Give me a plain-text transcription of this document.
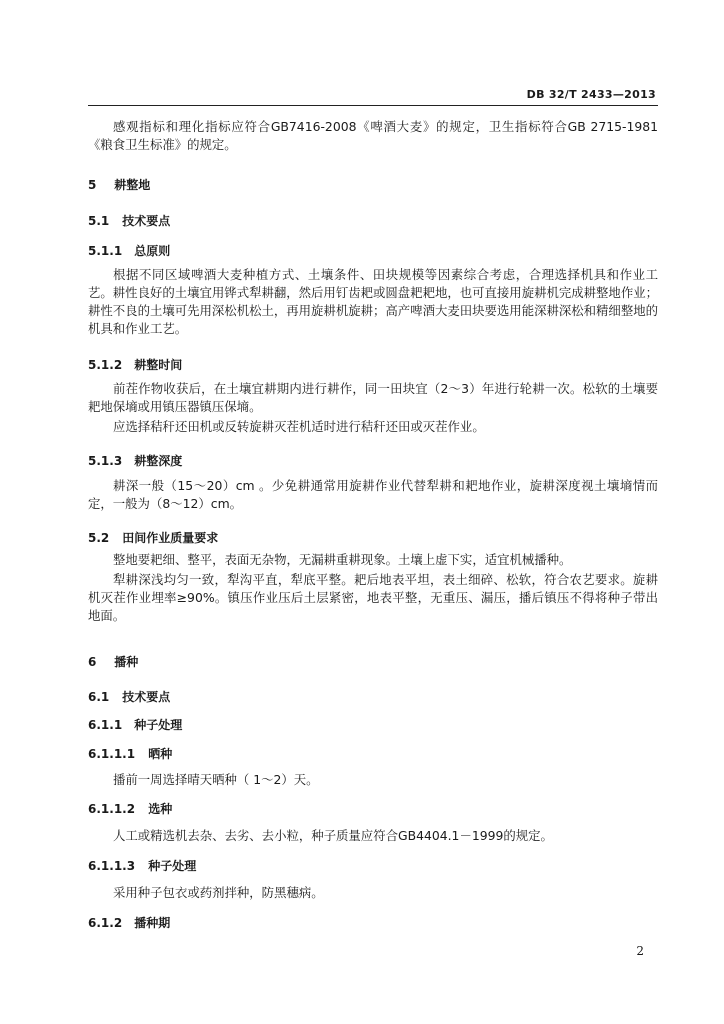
DB 32/T 2433—2013

感观指标和理化指标应符合GB7416-2008《啤酒大麦》的规定，卫生指标符合GB 2715-1981《粮食卫生标准》的规定。

5 耕整地
5.1 技术要点
5.1.1 总原则

根据不同区域啤酒大麦种植方式、土壤条件、田块规模等因素综合考虑，合理选择机具和作业工艺。耕性良好的土壤宜用铧式犁耕翻，然后用钉齿耙或圆盘耙耙地，也可直接用旋耕机完成耕整地作业；耕性不良的土壤可先用深松机松土，再用旋耕机旋耕；高产啤酒大麦田块要选用能深耕深松和精细整地的机具和作业工艺。

5.1.2 耕整时间

前茬作物收获后，在土壤宜耕期内进行耕作，同一田块宜（2～3）年进行轮耕一次。松软的土壤要耙地保墒或用镇压器镇压保墒。

应选择秸秆还田机或反转旋耕灭茬机适时进行秸秆还田或灭茬作业。

5.1.3 耕整深度

耕深一般（15～20）cm 。少免耕通常用旋耕作业代替犁耕和耙地作业，旋耕深度视土壤墒情而定，一般为（8～12）cm。

5.2 田间作业质量要求

整地要耙细、整平，表面无杂物，无漏耕重耕现象。土壤上虚下实，适宜机械播种。

犁耕深浅均匀一致，犁沟平直，犁底平整。耙后地表平坦，表土细碎、松软，符合农艺要求。旋耕机灭茬作业埋率≥90%。镇压作业压后土层紧密，地表平整，无重压、漏压，播后镇压不得将种子带出地面。

6 播种
6.1 技术要点
6.1.1 种子处理
6.1.1.1 晒种

播前一周选择晴天晒种（ 1～2）天。

6.1.1.2 选种

人工或精选机去杂、去劣、去小粒，种子质量应符合GB4404.1－1999的规定。

6.1.1.3 种子处理

采用种子包衣或药剂拌种，防黑穗病。

6.1.2 播种期
2
